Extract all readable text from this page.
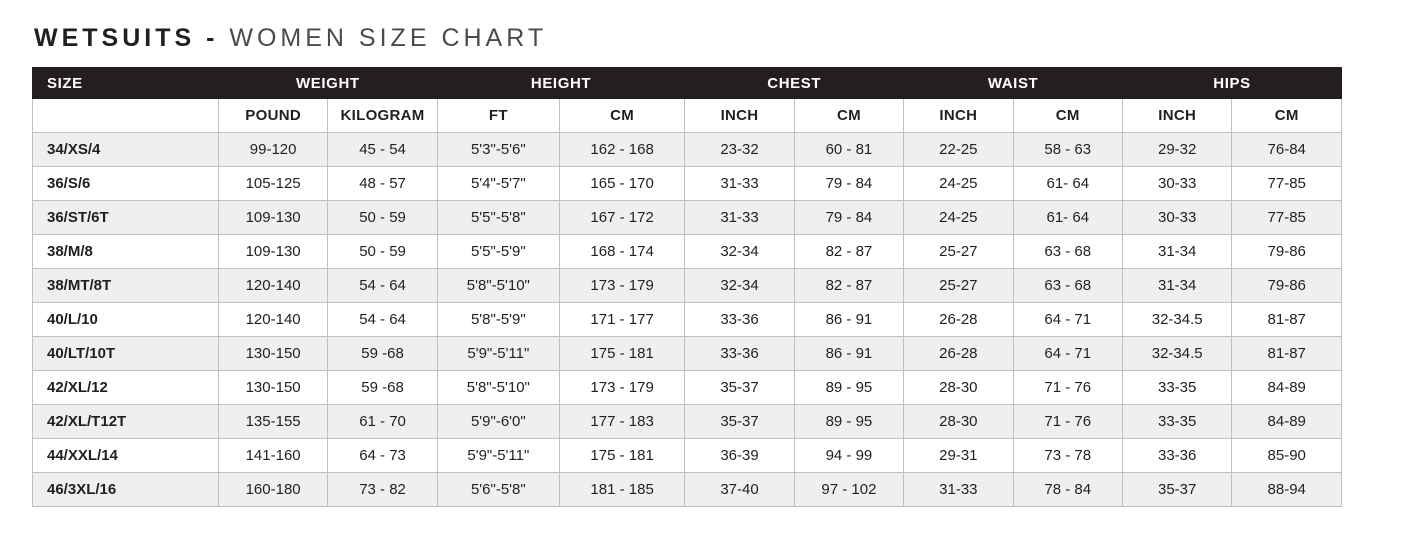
WETSUITS - WOMEN SIZE CHART
SIZE	WEIGHT		HEIGHT		CHEST		WAIST		HIPS	
	POUND	KILOGRAM	FT	CM	INCH	CM	INCH	CM	INCH	CM
34/XS/4	99-120	45 - 54	5'3"-5'6"	162 - 168	23-32	60 - 81	22-25	58 - 63	29-32	76-84
36/S/6	105-125	48 - 57	5'4"-5'7"	165 - 170	31-33	79 - 84	24-25	61- 64	30-33	77-85
36/ST/6T	109-130	50 - 59	5'5"-5'8"	167 - 172	31-33	79 - 84	24-25	61- 64	30-33	77-85
38/M/8	109-130	50 - 59	5'5"-5'9"	168 - 174	32-34	82 - 87	25-27	63 - 68	31-34	79-86
38/MT/8T	120-140	54 - 64	5'8"-5'10"	173 - 179	32-34	82 - 87	25-27	63 - 68	31-34	79-86
40/L/10	120-140	54 - 64	5'8"-5'9"	171 - 177	33-36	86 - 91	26-28	64 - 71	32-34.5	81-87
40/LT/10T	130-150	59 -68	5'9"-5'11"	175 - 181	33-36	86 - 91	26-28	64 - 71	32-34.5	81-87
42/XL/12	130-150	59 -68	5'8"-5'10"	173 - 179	35-37	89 - 95	28-30	71 - 76	33-35	84-89
42/XL/T12T	135-155	61 - 70	5'9"-6'0"	177 - 183	35-37	89 - 95	28-30	71 - 76	33-35	84-89
44/XXL/14	141-160	64 - 73	5'9"-5'11"	175 - 181	36-39	94 - 99	29-31	73 - 78	33-36	85-90
46/3XL/16	160-180	73 - 82	5'6"-5'8"	181 - 185	37-40	97 - 102	31-33	78 - 84	35-37	88-94
